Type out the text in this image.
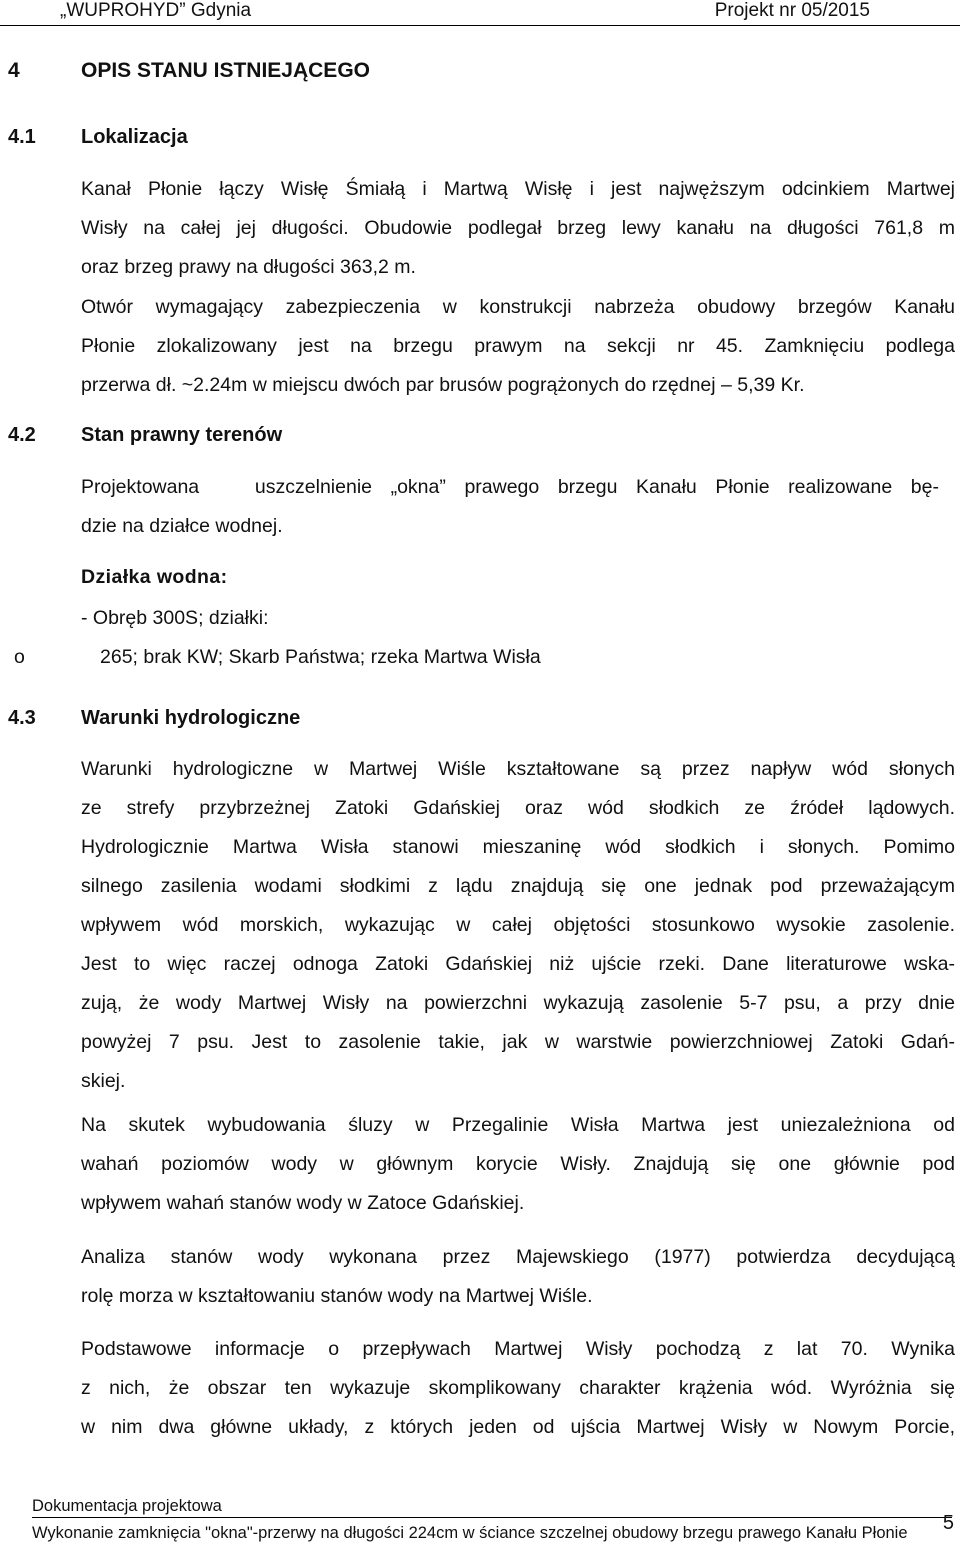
„WUPROHYD” Gdynia	Projekt nr 05/2015
4	OPIS STANU ISTNIEJĄCEGO
4.1 Lokalizacja
Kanał Płonie łączy Wisłę Śmiałą i Martwą Wisłę i jest najwęższym odcinkiem Martwej
Wisły na całej jej długości. Obudowie podlegał brzeg lewy kanału na długości 761,8 m
oraz brzeg prawy na długości 363,2 m.
Otwór wymagający zabezpieczenia w konstrukcji nabrzeża obudowy brzegów Kanału
Płonie zlokalizowany jest na brzegu prawym na sekcji nr 45. Zamknięciu podlega
przerwa dł. ~2.24m w miejscu dwóch par brusów pogrążonych do rzędnej – 5,39 Kr.
4.2 Stan prawny terenów
Projektowana   uszczelnienie „okna” prawego brzegu Kanału Płonie realizowane bę-
dzie na działce wodnej.
Działka wodna:
- Obręb 300S; działki:
o	265; brak KW; Skarb Państwa; rzeka Martwa Wisła
4.3 Warunki hydrologiczne
Warunki hydrologiczne w Martwej Wiśle kształtowane są przez napływ wód słonych
ze strefy przybrzeżnej Zatoki Gdańskiej oraz wód słodkich ze źródeł lądowych.
Hydrologicznie Martwa Wisła stanowi mieszaninę wód słodkich i słonych. Pomimo
silnego zasilenia wodami słodkimi z lądu znajdują się one jednak pod przeważającym
wpływem wód morskich, wykazując w całej objętości stosunkowo wysokie zasolenie.
Jest to więc raczej odnoga Zatoki Gdańskiej niż ujście rzeki. Dane literaturowe wska-
zują, że wody Martwej Wisły na powierzchni wykazują zasolenie 5-7 psu, a przy dnie
powyżej 7 psu. Jest to zasolenie takie, jak w warstwie powierzchniowej Zatoki Gdań-
skiej.
Na skutek wybudowania śluzy w Przegalinie Wisła Martwa jest uniezależniona od
wahań poziomów wody w głównym korycie Wisły. Znajdują się one głównie pod
wpływem wahań stanów wody w Zatoce Gdańskiej.
Analiza stanów wody wykonana przez Majewskiego (1977) potwierdza decydującą
rolę morza w kształtowaniu stanów wody na Martwej Wiśle.
Podstawowe informacje o przepływach Martwej Wisły pochodzą z lat 70. Wynika
z nich, że obszar ten wykazuje skomplikowany charakter krążenia wód. Wyróżnia się
w nim dwa główne układy, z których jeden od ujścia Martwej Wisły w Nowym Porcie,
Dokumentacja projektowa
Wykonanie zamknięcia "okna"-przerwy na długości 224cm w ściance szczelnej obudowy brzegu prawego Kanału Płonie 5
